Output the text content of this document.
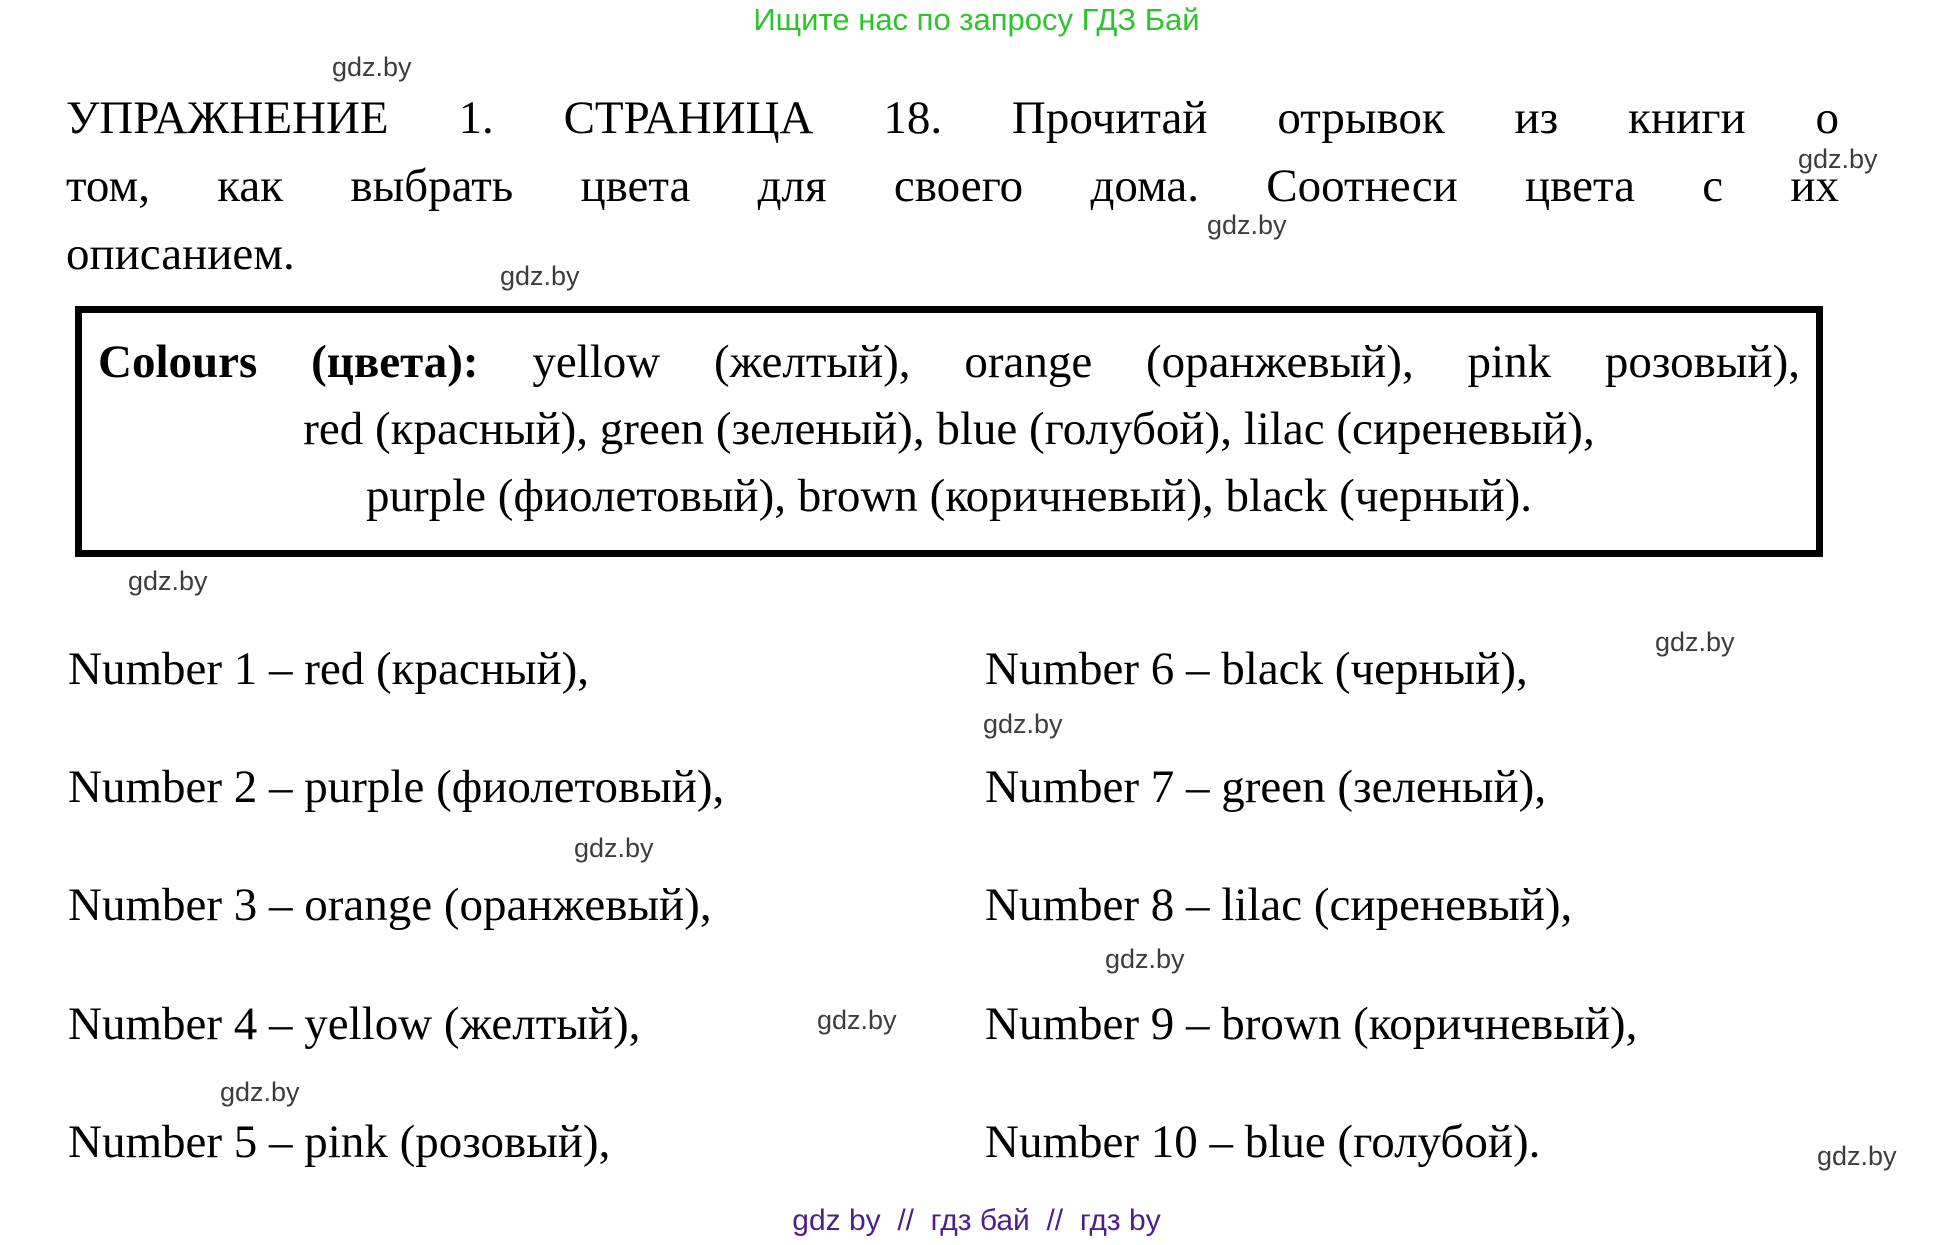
Ищите нас по запросу ГДЗ Бай
gdz.by
gdz.by
gdz.by
gdz.by
gdz.by
gdz.by
gdz.by
gdz.by
gdz.by
gdz.by
gdz.by
gdz.by
УПРАЖНЕНИЕ 1. СТРАНИЦА 18. Прочитай отрывок из книги о
том, как выбрать цвета для своего дома. Соотнеси цвета с их
описанием.
Colours (цвета): yellow (желтый), orange (оранжевый), pink розовый),
red (красный), green (зеленый), blue (голубой), lilac (сиреневый),
purple (фиолетовый), brown (коричневый), black (черный).
Number 1 – red (красный),
Number 2 – purple (фиолетовый),
Number 3 – orange (оранжевый),
Number 4 – yellow (желтый),
Number 5 – pink (розовый),
Number 6 – black (черный),
Number 7 – green (зеленый),
Number 8 – lilac (сиреневый),
Number 9 – brown (коричневый),
Number 10 – blue (голубой).
gdz by  //  гдз бай  //  гдз by
